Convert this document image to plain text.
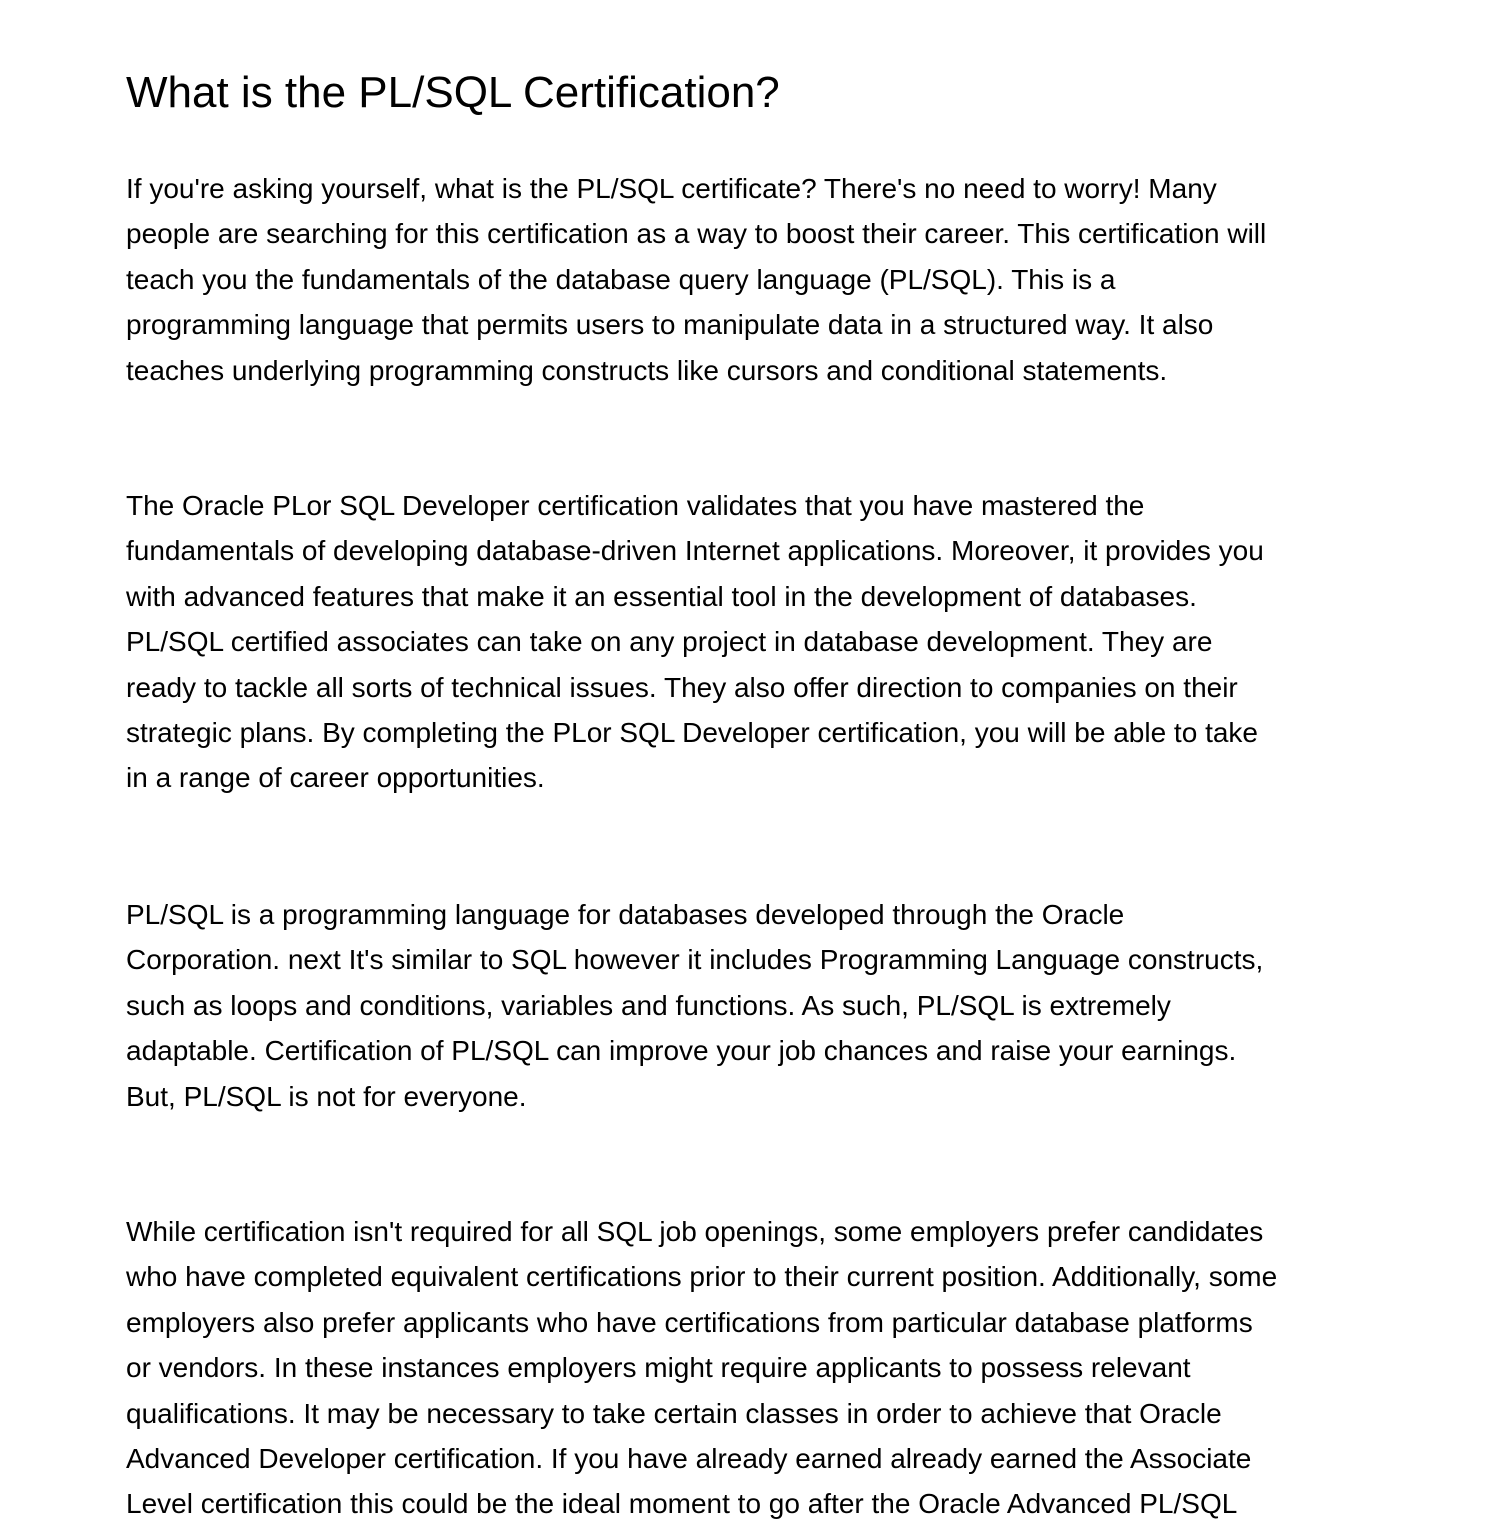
What is the PL/SQL Certification?

If you're asking yourself, what is the PL/SQL certificate? There's no need to worry! Many
people are searching for this certification as a way to boost their career. This certification will
teach you the fundamentals of the database query language (PL/SQL). This is a
programming language that permits users to manipulate data in a structured way. It also
teaches underlying programming constructs like cursors and conditional statements.

The Oracle PLor SQL Developer certification validates that you have mastered the
fundamentals of developing database-driven Internet applications. Moreover, it provides you
with advanced features that make it an essential tool in the development of databases.
PL/SQL certified associates can take on any project in database development. They are
ready to tackle all sorts of technical issues. They also offer direction to companies on their
strategic plans. By completing the PLor SQL Developer certification, you will be able to take
in a range of career opportunities.

PL/SQL is a programming language for databases developed through the Oracle
Corporation. next It's similar to SQL however it includes Programming Language constructs,
such as loops and conditions, variables and functions. As such, PL/SQL is extremely
adaptable. Certification of PL/SQL can improve your job chances and raise your earnings.
But, PL/SQL is not for everyone.

While certification isn't required for all SQL job openings, some employers prefer candidates
who have completed equivalent certifications prior to their current position. Additionally, some
employers also prefer applicants who have certifications from particular database platforms
or vendors. In these instances employers might require applicants to possess relevant
qualifications. It may be necessary to take certain classes in order to achieve that Oracle
Advanced Developer certification. If you have already earned already earned the Associate
Level certification this could be the ideal moment to go after the Oracle Advanced PL/SQL
